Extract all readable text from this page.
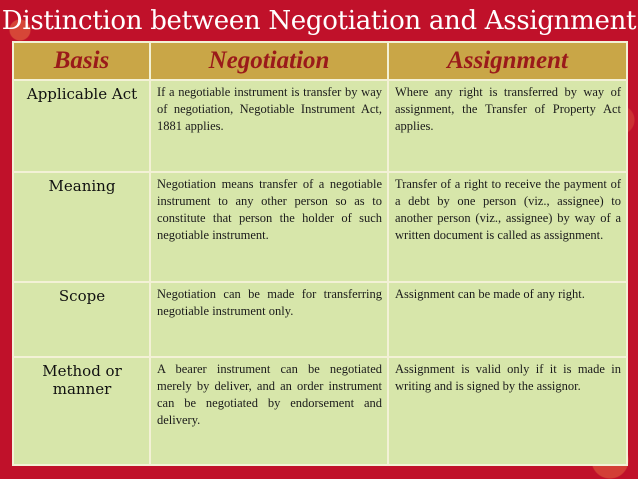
Distinction between Negotiation and Assignment
Basis	Negotiation	Assignment
Applicable Act	If a negotiable instrument is transfer by way of negotiation, Negotiable Instrument Act, 1881 applies.	Where any right is transferred by way of assignment, the Transfer of Property Act applies.
Meaning	Negotiation means transfer of a negotiable instrument to any other person so as to constitute that person the holder of such negotiable instrument.	Transfer of a right to receive the payment of a debt by one person (viz., assignee) to another person (viz., assignee) by way of a written document is called as assignment.
Scope	Negotiation can be made for transferring negotiable instrument only.	Assignment can be made of any right.
Method or manner	A bearer instrument can be negotiated merely by deliver, and an order instrument can be negotiated by endorsement and delivery.	Assignment is valid only if it is made in writing and is signed by the assignor.
